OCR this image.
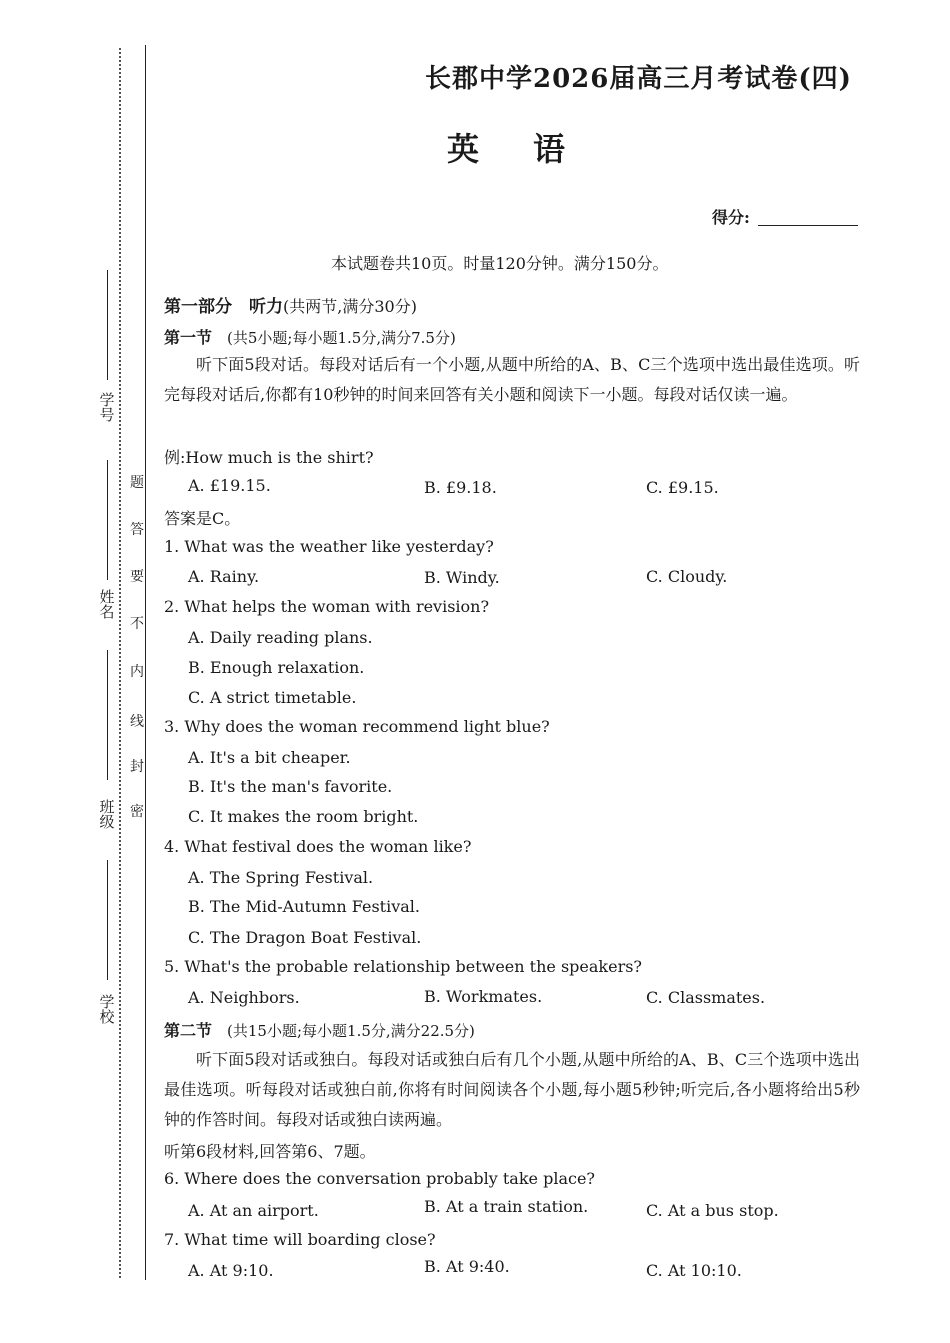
学 号
姓 名
班 级
学 校
密
封
线
内
不
要
答
题
长郡中学2026届高三月考试卷(四)
英 语
得分:
本试题卷共10页。时量120分钟。满分150分。
第一部分　听力(共两节,满分30分)
第一节　 (共5小题;每小题1.5分,满分7.5分)
听下面5段对话。每段对话后有一个小题,从题中所给的A、B、C三个选项中选出最佳选项。听完每段对话后,你都有10秒钟的时间来回答有关小题和阅读下一小题。每段对话仅读一遍。
例:How much is the shirt?
A. £19.15.	B. £9.18.	C. £9.15.
答案是C。
1. What was the weather like yesterday?
A. Rainy.	B. Windy.	C. Cloudy.
2. What helps the woman with revision?
A. Daily reading plans.
B. Enough relaxation.
C. A strict timetable.
3. Why does the woman recommend light blue?
A. It's a bit cheaper.
B. It's the man's favorite.
C. It makes the room bright.
4. What festival does the woman like?
A. The Spring Festival.
B. The Mid-Autumn Festival.
C. The Dragon Boat Festival.
5. What's the probable relationship between the speakers?
A. Neighbors.	B. Workmates.	C. Classmates.
第二节　 (共15小题;每小题1.5分,满分22.5分)
听下面5段对话或独白。每段对话或独白后有几个小题,从题中所给的A、B、C三个选项中选出最佳选项。听每段对话或独白前,你将有时间阅读各个小题,每小题5秒钟;听完后,各小题将给出5秒钟的作答时间。每段对话或独白读两遍。
听第6段材料,回答第6、7题。
6. Where does the conversation probably take place?
A. At an airport.	B. At a train station.	C. At a bus stop.
7. What time will boarding close?
A. At 9:10.	B. At 9:40.	C. At 10:10.
